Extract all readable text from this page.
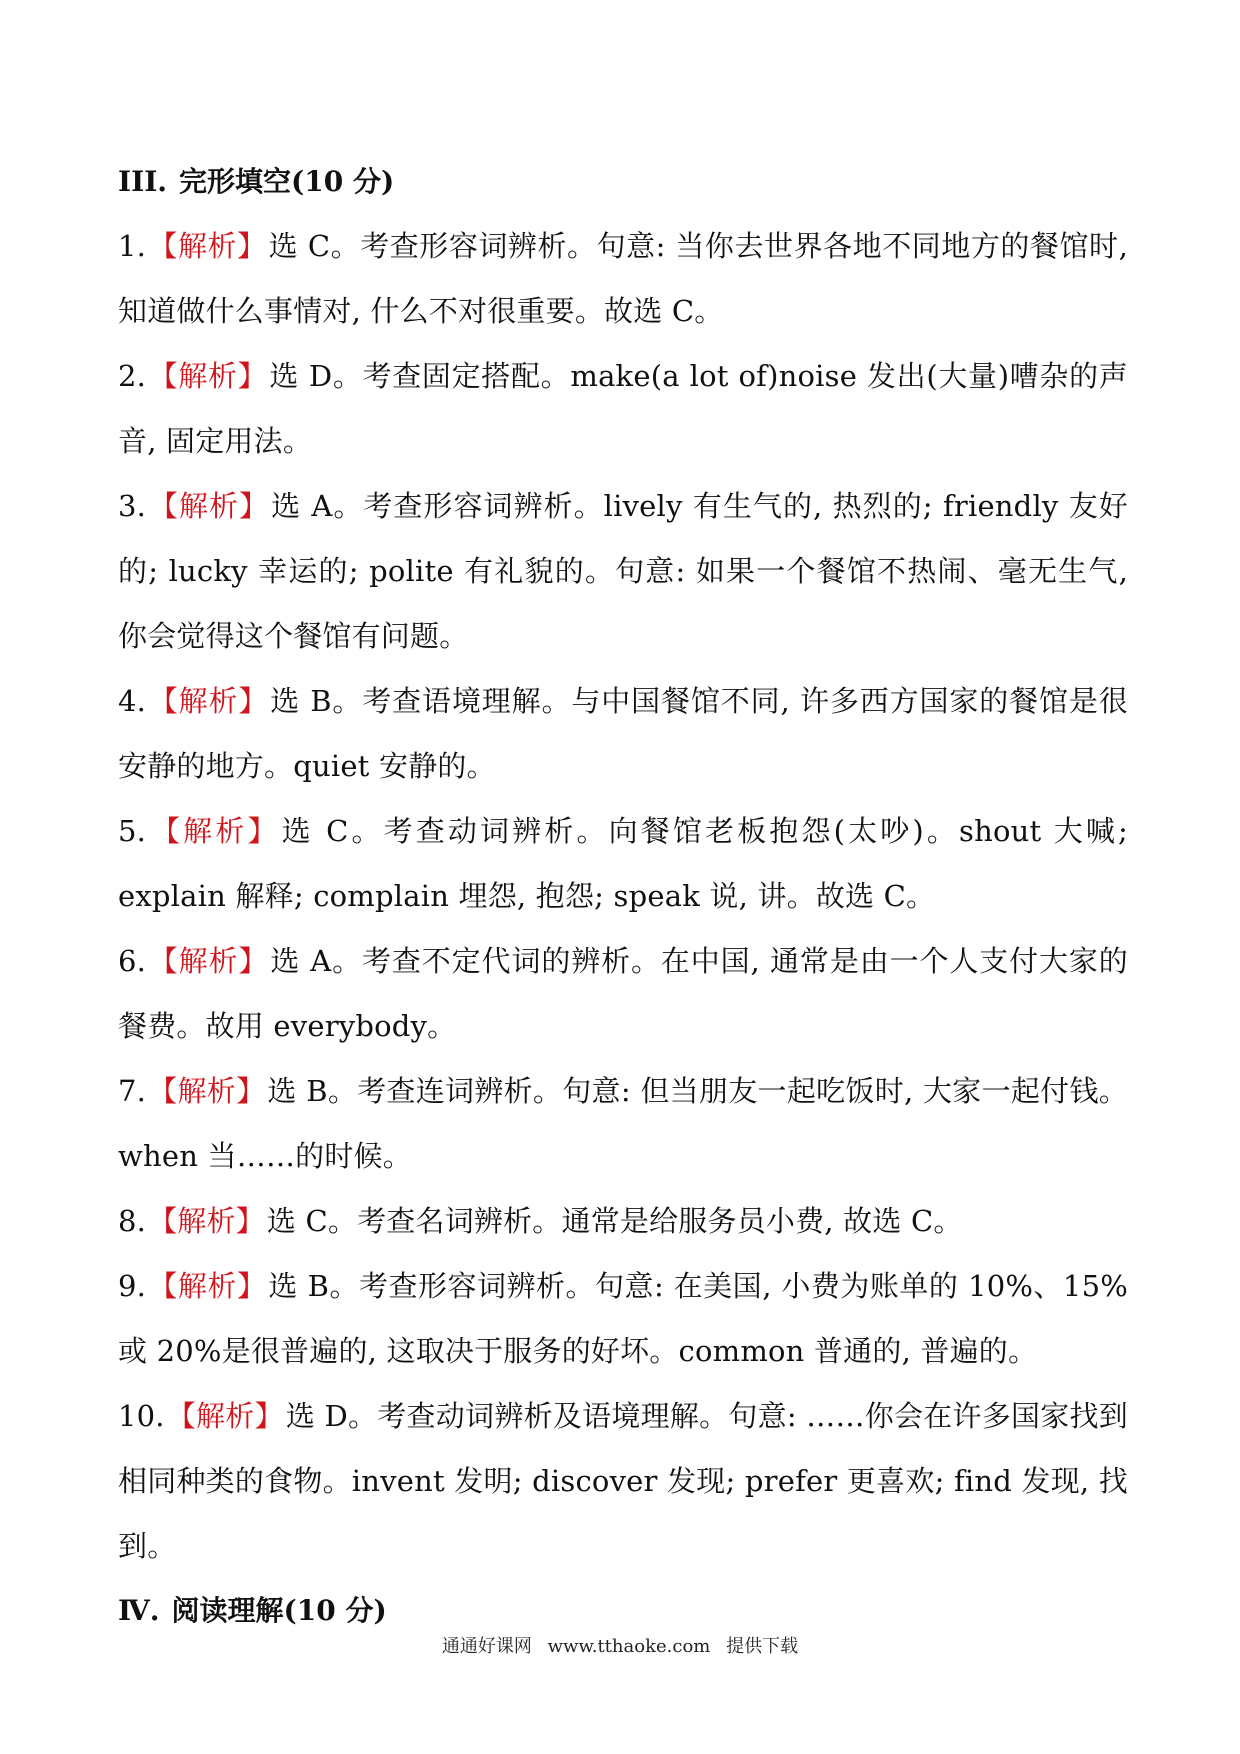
III. 完形填空(10 分)
1.【解析】选 C。考查形容词辨析。句意: 当你去世界各地不同地方的餐馆时, 知道做什么事情对, 什么不对很重要。故选 C。
2.【解析】选 D。考查固定搭配。make(a lot of)noise 发出(大量)嘈杂的声音, 固定用法。
3.【解析】选 A。考查形容词辨析。lively 有生气的, 热烈的; friendly 友好的; lucky 幸运的; polite 有礼貌的。句意: 如果一个餐馆不热闹、毫无生气, 你会觉得这个餐馆有问题。
4.【解析】选 B。考查语境理解。与中国餐馆不同, 许多西方国家的餐馆是很安静的地方。quiet 安静的。
5.【解析】选 C。考查动词辨析。向餐馆老板抱怨(太吵)。shout 大喊; explain 解释; complain 埋怨, 抱怨; speak 说, 讲。故选 C。
6.【解析】选 A。考查不定代词的辨析。在中国, 通常是由一个人支付大家的餐费。故用 everybody。
7.【解析】选 B。考查连词辨析。句意: 但当朋友一起吃饭时, 大家一起付钱。when 当……的时候。
8.【解析】选 C。考查名词辨析。通常是给服务员小费, 故选 C。
9.【解析】选 B。考查形容词辨析。句意: 在美国, 小费为账单的 10%、15%或 20%是很普遍的, 这取决于服务的好坏。common 普通的, 普遍的。
10.【解析】选 D。考查动词辨析及语境理解。句意: ……你会在许多国家找到相同种类的食物。invent 发明; discover 发现; prefer 更喜欢; find 发现, 找到。
Ⅳ. 阅读理解(10 分)
通通好课网 www.tthaoke.com 提供下载
